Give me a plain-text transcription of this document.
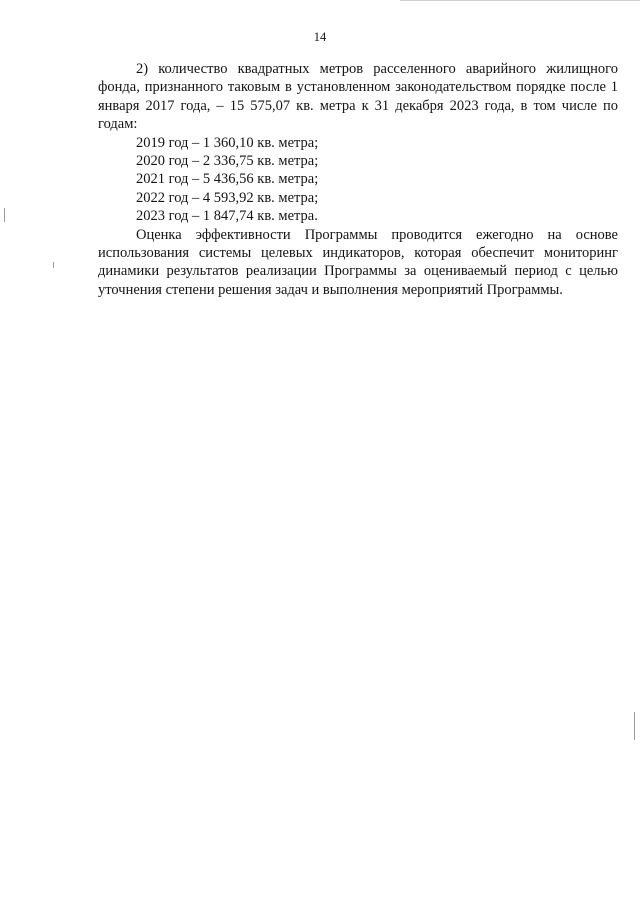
14

2) количество квадратных метров расселенного аварийного жилищного фонда, признанного таковым в установленном законодательством порядке после 1 января 2017 года, – 15 575,07 кв. метра к 31 декабря 2023 года, в том числе по годам:

2019 год – 1 360,10 кв. метра;
2020 год – 2 336,75 кв. метра;
2021 год – 5 436,56 кв. метра;
2022 год – 4 593,92 кв. метра;
2023 год – 1 847,74 кв. метра.

Оценка эффективности Программы проводится ежегодно на основе использования системы целевых индикаторов, которая обеспечит мониторинг динамики результатов реализации Программы за оцениваемый период с целью уточнения степени решения задач и выполнения мероприятий Программы.
